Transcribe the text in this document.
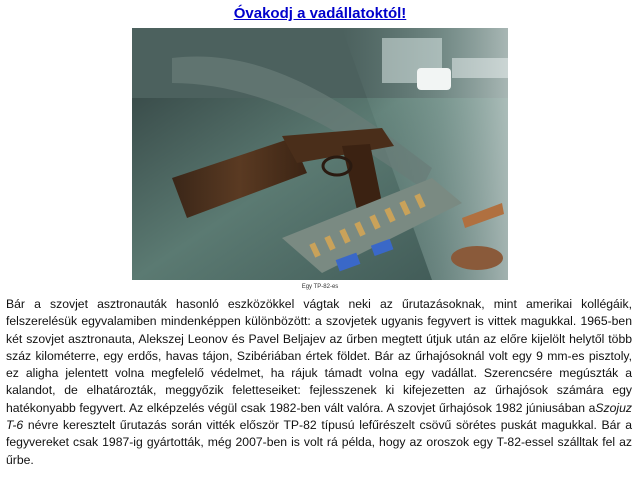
Óvakodj a vadállatoktól!
Egy TP-82-es

Bár a szovjet asztronauták hasonló eszközökkel vágtak neki az űrutazásoknak, mint amerikai kollégáik, felszerelésük egyvalamiben mindenképpen különbözött: a szovjetek ugyanis fegyvert is vittek magukkal. 1965-ben két szovjet asztronauta, Alekszej Leonov és Pavel Beljajev az űrben megtett útjuk után az előre kijelölt helytől több száz kilométerre, egy erdős, havas tájon, Szibériában értek földet. Bár az űrhajósoknál volt egy 9 mm-es pisztoly, ez aligha jelentett volna megfelelő védelmet, ha rájuk támadt volna egy vadállat. Szerencsére megúszták a kalandot, de elhatározták, meggyőzik feletteseiket: fejlesszenek ki kifejezetten az űrhajósok számára egy hatékonyabb fegyvert. Az elképzelés végül csak 1982-ben vált valóra. A szovjet űrhajósok 1982 júniusában aSzojuz T-6 névre keresztelt űrutazás során vitték először TP-82 típusú lefűrészelt csövű sörétes puskát magukkal. Bár a fegyvereket csak 1987-ig gyártották, még 2007-ben is volt rá példa, hogy az oroszok egy T-82-essel szálltak fel az űrbe.
